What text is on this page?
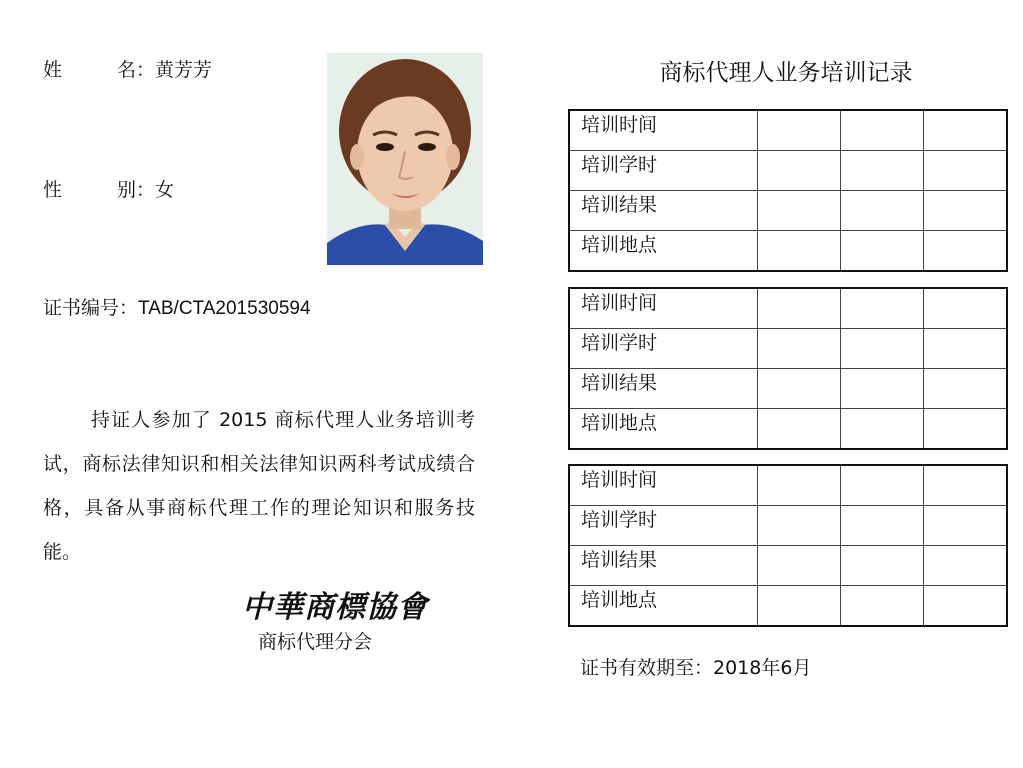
姓	名： 黄芳芳
性	别： 女
证书编号：TAB/CTA201530594
持证人参加了 2015 商标代理人业务培训考试，商标法律知识和相关法律知识两科考试成绩合格，具备从事商标代理工作的理论知识和服务技能。
中華商標協會
商标代理分会
商标代理人业务培训记录
培训时间			
培训学时			
培训结果			
培训地点			
培训时间			
培训学时			
培训结果			
培训地点			
培训时间			
培训学时			
培训结果			
培训地点			
证书有效期至：2018年6月
